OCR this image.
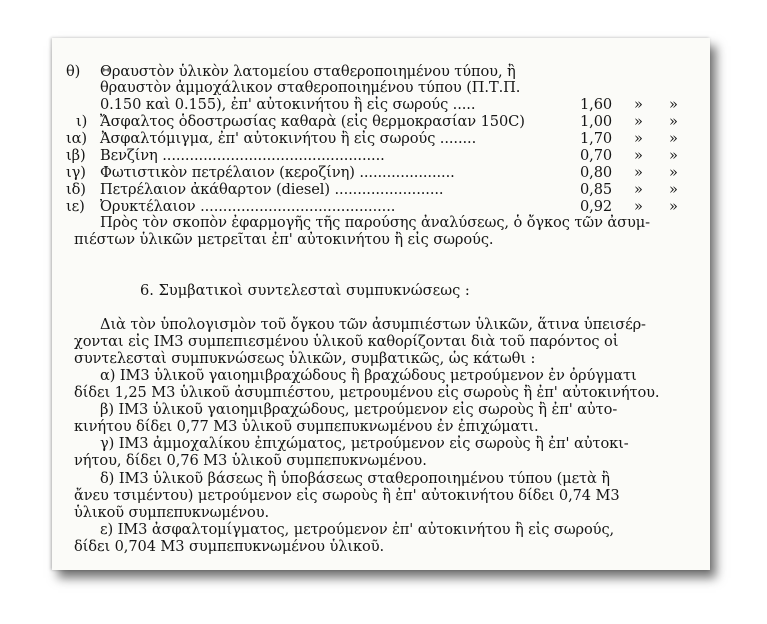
θ) Θραυστὸν ὑλικὸν λατομείου σταθεροποιημένου τύπου, ἢ
θραυστὸν ἀμμοχάλικον σταθεροποιημένου τύπου (Π.Τ.Π.
0.150 καὶ 0.155), ἐπ' αὐτοκινήτου ἢ εἰς σωρούς .....	1,60 » »
ι) Ἄσφαλτος ὁδοστρωσίας καθαρὰ (εἰς θερμοκρασίαν 150C)	1,00 » »
ια) Ἀσφαλτόμιγμα, ἐπ' αὐτοκινήτου ἢ εἰς σωρούς ........	1,70 » »
ιβ) Βενζίνη .................................................	0,70 » »
ιγ) Φωτιστικὸν πετρέλαιον (κεροζίνη) .....................	0,80 » »
ιδ) Πετρέλαιον ἀκάθαρτον (diesel) ........................	0,85 » »
ιε) Ὀρυκτέλαιον ...........................................	0,92 » »
Πρὸς τὸν σκοπὸν ἐφαρμογῆς τῆς παρούσης ἀναλύσεως, ὁ ὄγκος τῶν ἀσυμ-
πιέστων ὑλικῶν μετρεῖται ἐπ' αὐτοκινήτου ἢ εἰς σωρούς.
6. Συμβατικοὶ συντελεσταὶ συμπυκνώσεως :
Διὰ τὸν ὑπολογισμὸν τοῦ ὄγκου τῶν ἀσυμπιέστων ὑλικῶν, ἅτινα ὑπεισέρ-
χονται εἰς ΙΜ3 συμπεπιεσμένου ὑλικοῦ καθορίζονται διὰ τοῦ παρόντος οἱ
συντελεσταὶ συμπυκνώσεως ὑλικῶν, συμβατικῶς, ὡς κάτωθι :
α) ΙΜ3 ὑλικοῦ γαιοημιβραχώδους ἢ βραχώδους μετρούμενον ἐν ὀρύγματι
δίδει 1,25 Μ3 ὑλικοῦ ἀσυμπιέστου, μετρουμένου εἰς σωροὺς ἢ ἐπ' αὐτοκινήτου.
β) ΙΜ3 ὑλικοῦ γαιοημιβραχώδους, μετρούμενον εἰς σωροὺς ἢ ἐπ' αὐτο-
κινήτου δίδει 0,77 Μ3 ὑλικοῦ συμπεπυκνωμένου ἐν ἐπιχώματι.
γ) ΙΜ3 ἀμμοχαλίκου ἐπιχώματος, μετρούμενον εἰς σωροὺς ἢ ἐπ' αὐτοκι-
νήτου, δίδει 0,76 Μ3 ὑλικοῦ συμπεπυκνωμένου.
δ) ΙΜ3 ὑλικοῦ βάσεως ἢ ὑποβάσεως σταθεροποιημένου τύπου (μετὰ ἢ
ἄνευ τσιμέντου) μετρούμενον εἰς σωροὺς ἢ ἐπ' αὐτοκινήτου δίδει 0,74 Μ3
ὑλικοῦ συμπεπυκνωμένου.
ε) ΙΜ3 ἀσφαλτομίγματος, μετρούμενον ἐπ' αὐτοκινήτου ἢ εἰς σωρούς,
δίδει 0,704 Μ3 συμπεπυκνωμένου ὑλικοῦ.
